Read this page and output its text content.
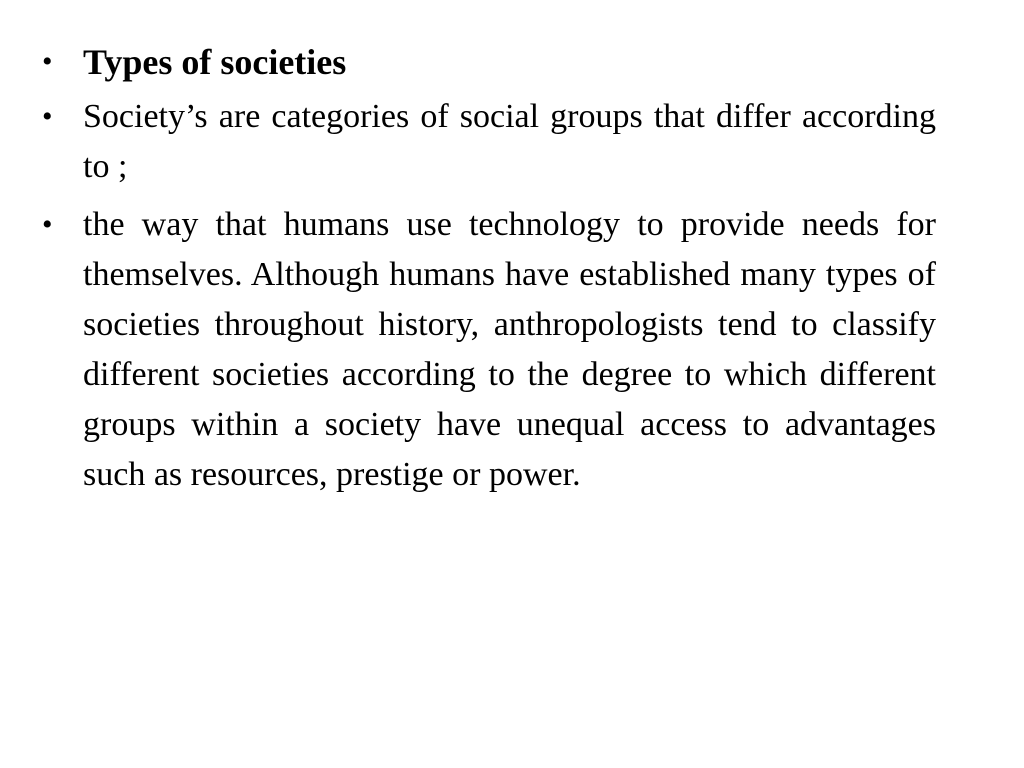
• Types of societies
• Society’s are categories of social groups that differ according to ;
• the way that humans use technology to provide needs for themselves. Although humans have established many types of societies throughout history, anthropologists tend to classify different societies according to the degree to which different groups within a society have unequal access to advantages such as resources, prestige or power.
